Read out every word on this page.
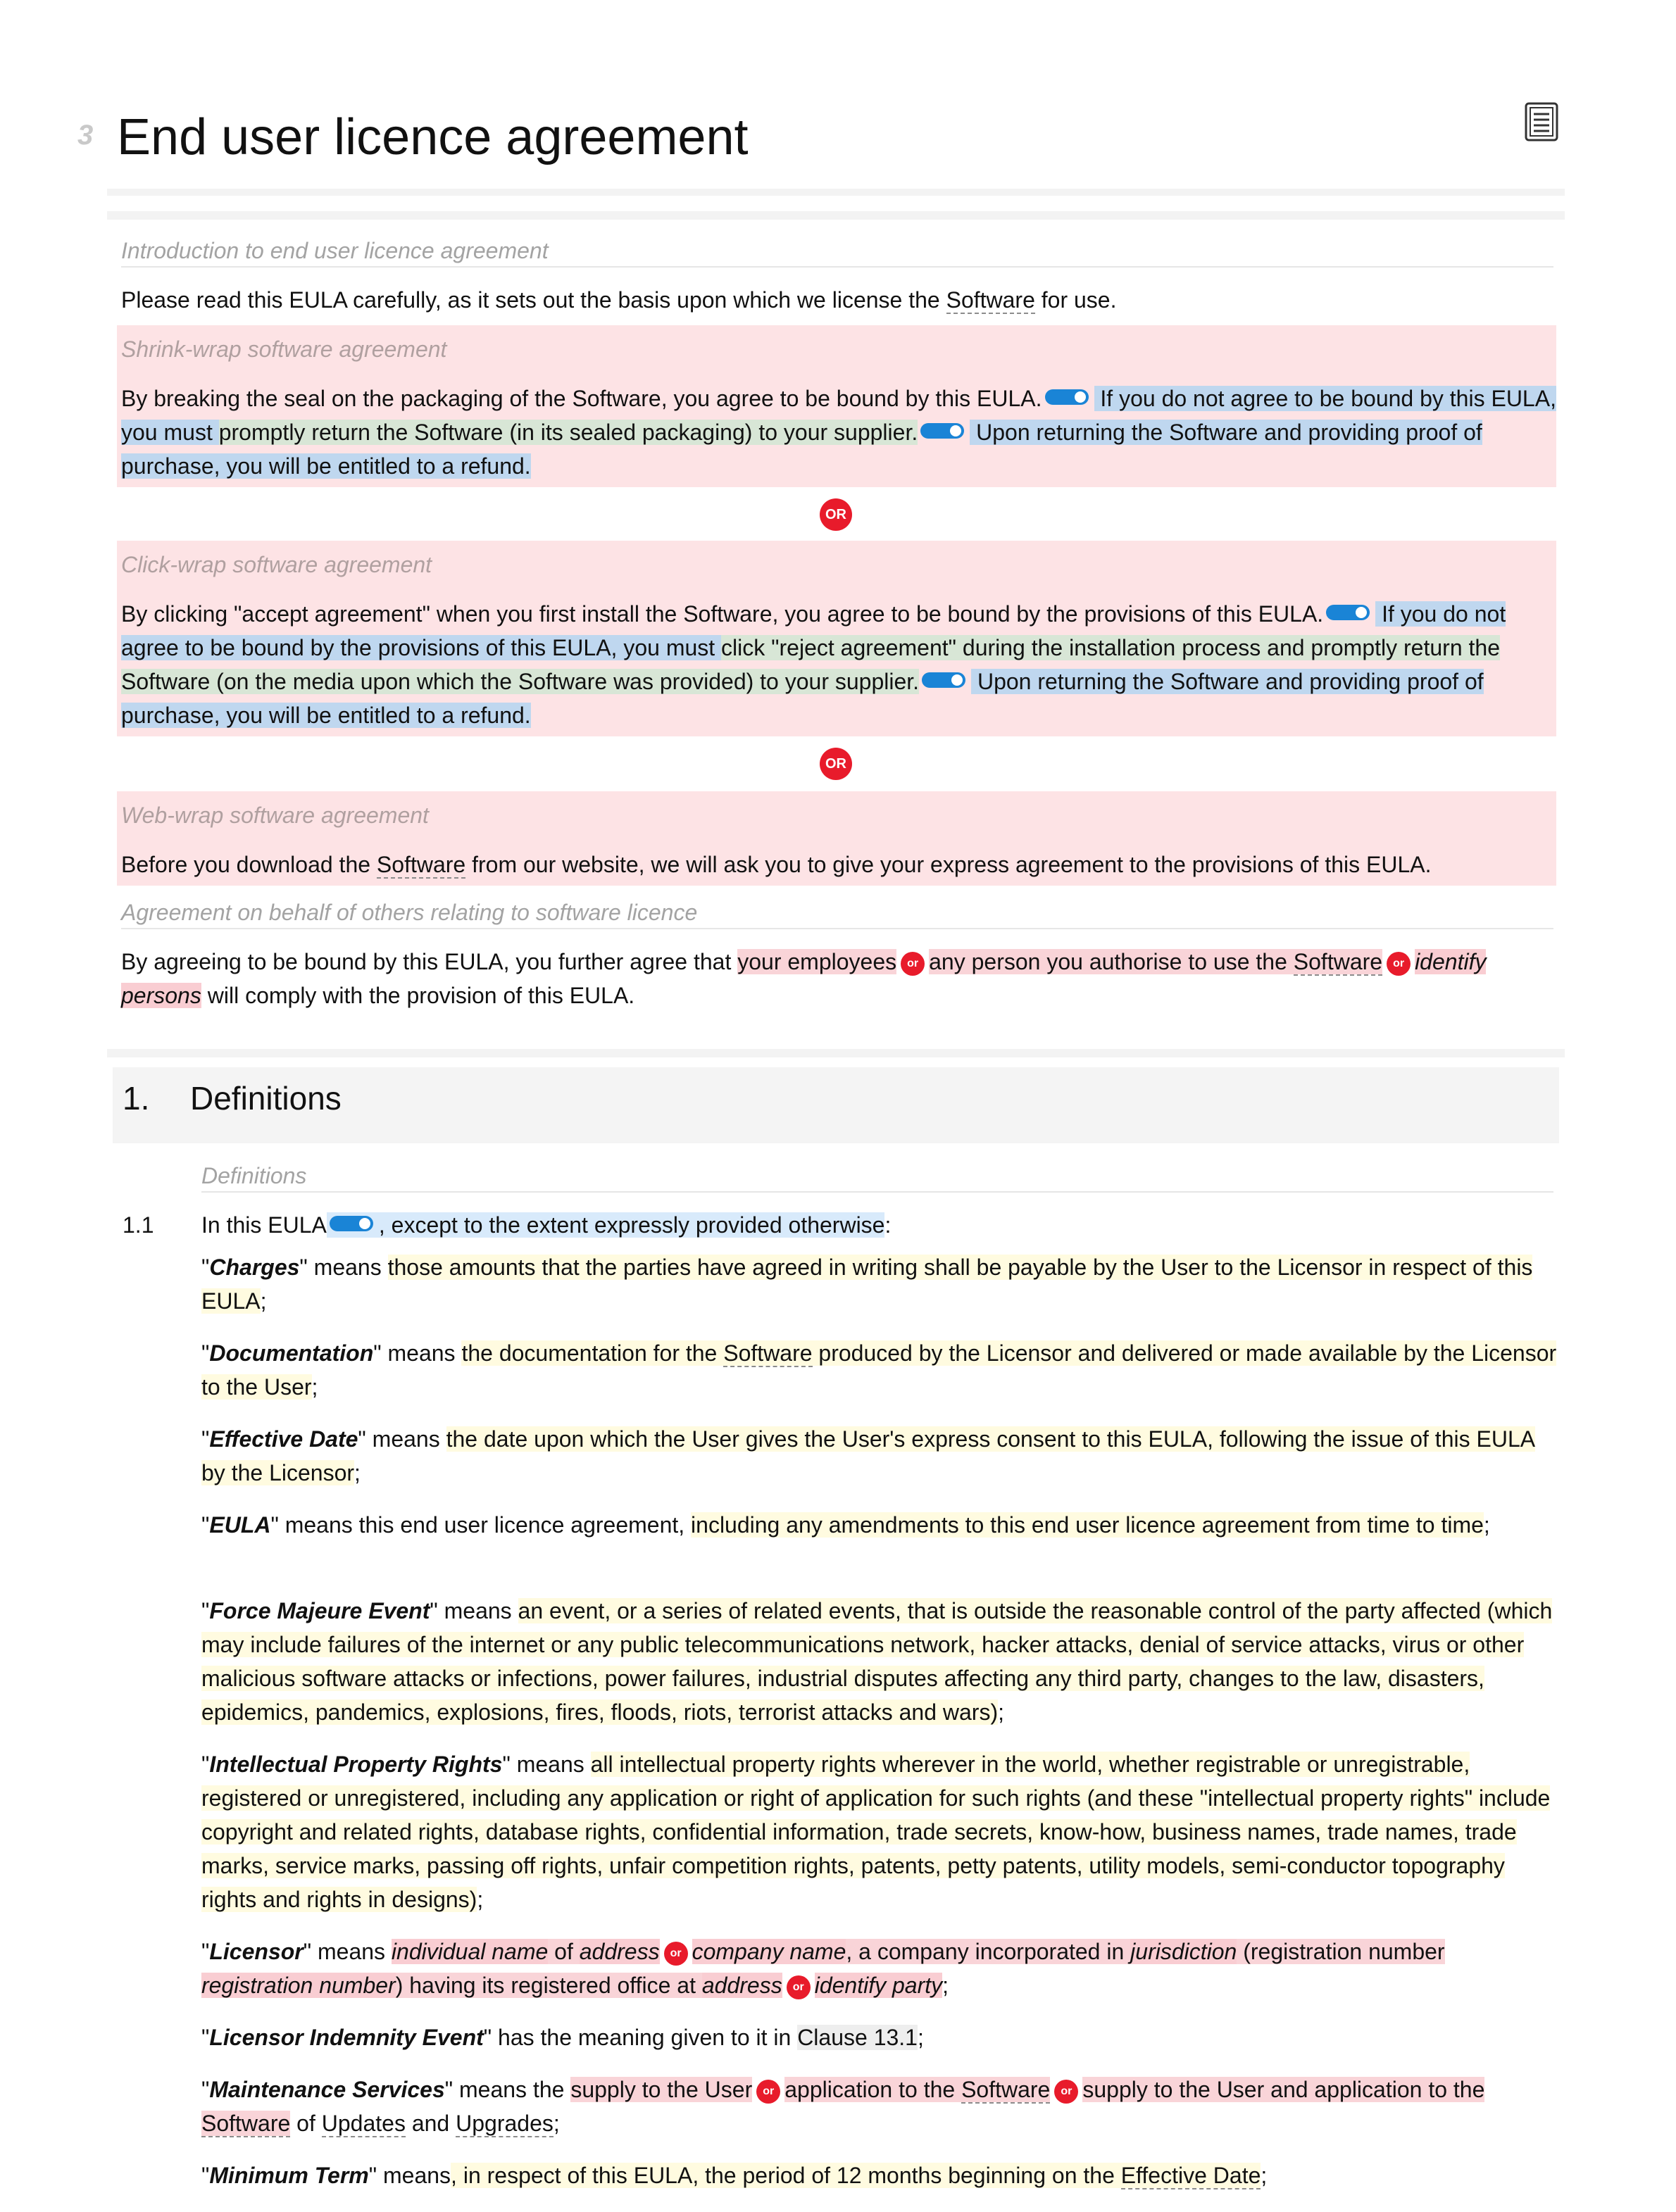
3 End user licence agreement
Introduction to end user licence agreement
Please read this EULA carefully, as it sets out the basis upon which we license the Software for use.
Shrink-wrap software agreement
By breaking the seal on the packaging of the Software, you agree to be bound by this EULA. If you do not agree to be bound by this EULA, you must promptly return the Software (in its sealed packaging) to your supplier. Upon returning the Software and providing proof of purchase, you will be entitled to a refund.
OR
Click-wrap software agreement
By clicking "accept agreement" when you first install the Software, you agree to be bound by the provisions of this EULA. If you do not agree to be bound by the provisions of this EULA, you must click "reject agreement" during the installation process and promptly return the Software (on the media upon which the Software was provided) to your supplier. Upon returning the Software and providing proof of purchase, you will be entitled to a refund.
OR
Web-wrap software agreement
Before you download the Software from our website, we will ask you to give your express agreement to the provisions of this EULA.
Agreement on behalf of others relating to software licence
By agreeing to be bound by this EULA, you further agree that your employees or any person you authorise to use the Software or identify persons will comply with the provision of this EULA.
1. Definitions
Definitions
1.1 In this EULA , except to the extent expressly provided otherwise:
"Charges" means those amounts that the parties have agreed in writing shall be payable by the User to the Licensor in respect of this EULA;
"Documentation" means the documentation for the Software produced by the Licensor and delivered or made available by the Licensor to the User;
"Effective Date" means the date upon which the User gives the User's express consent to this EULA, following the issue of this EULA by the Licensor;
"EULA" means this end user licence agreement, including any amendments to this end user licence agreement from time to time;
"Force Majeure Event" means an event, or a series of related events, that is outside the reasonable control of the party affected (which may include failures of the internet or any public telecommunications network, hacker attacks, denial of service attacks, virus or other malicious software attacks or infections, power failures, industrial disputes affecting any third party, changes to the law, disasters, epidemics, pandemics, explosions, fires, floods, riots, terrorist attacks and wars);
"Intellectual Property Rights" means all intellectual property rights wherever in the world, whether registrable or unregistrable, registered or unregistered, including any application or right of application for such rights (and these "intellectual property rights" include copyright and related rights, database rights, confidential information, trade secrets, know-how, business names, trade names, trade marks, service marks, passing off rights, unfair competition rights, patents, petty patents, utility models, semi-conductor topography rights and rights in designs);
"Licensor" means individual name of address or company name, a company incorporated in jurisdiction (registration number registration number) having its registered office at address or identify party;
"Licensor Indemnity Event" has the meaning given to it in Clause 13.1;
"Maintenance Services" means the supply to the User or application to the Software or supply to the User and application to the Software of Updates and Upgrades;
"Minimum Term" means, in respect of this EULA, the period of 12 months beginning on the Effective Date;
